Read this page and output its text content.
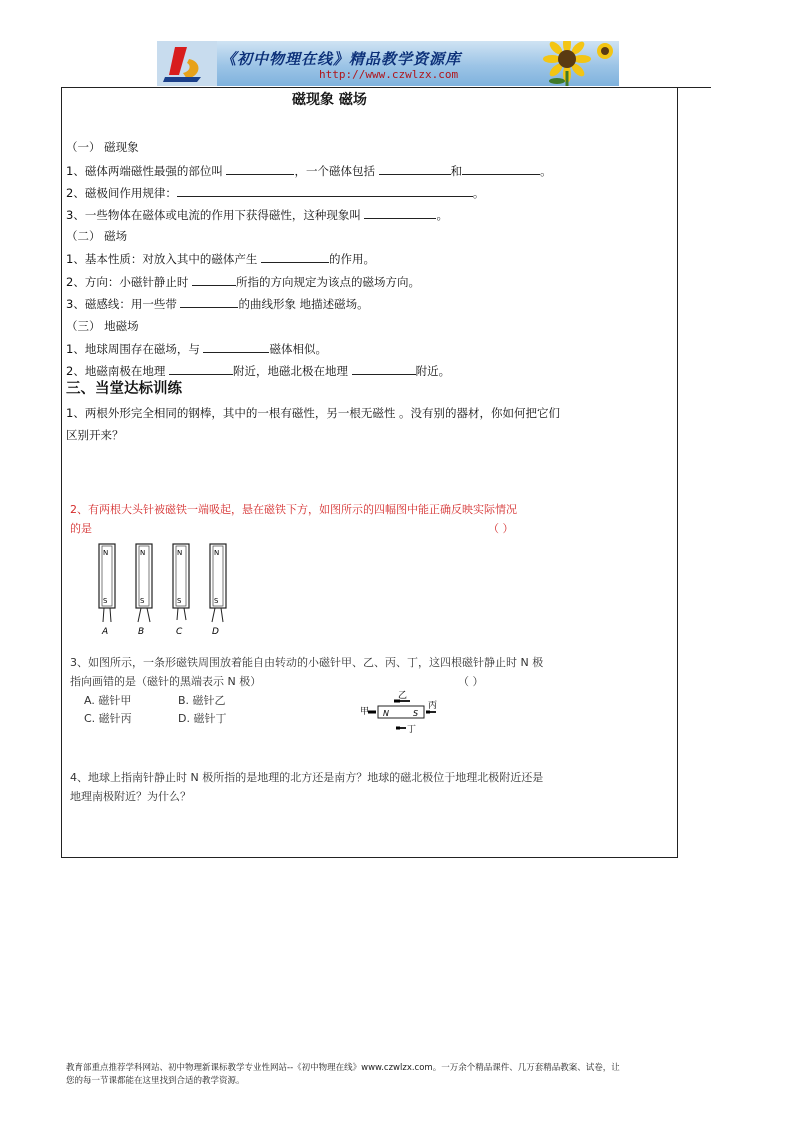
《初中物理在线》精品教学资源库
http://www.czwlzx.com
磁现象 磁场
（一） 磁现象
1、磁体两端磁性最强的部位叫	，一个磁体包括	和	。
2、磁极间作用规律：	。
3、一些物体在磁体或电流的作用下获得磁性，这种现象叫	。
（二） 磁场
1、基本性质：对放入其中的磁体产生	的作用。
2、方向：小磁针静止时	所指的方向规定为该点的磁场方向。
3、磁感线：用一些带	的曲线形象 地描述磁场。
（三） 地磁场
1、地球周围存在磁场，与	磁体相似。
2、地磁南极在地理	附近，地磁北极在地理	附近。
三、当堂达标训练
1、两根外形完全相同的钢棒，其中的一根有磁性，另一根无磁性 。没有别的器材，你如何把它们
区别开来？
2、有两根大头针被磁铁一端吸起，悬在磁铁下方，如图所示的四幅图中能正确反映实际情况
的是	（ ）
N
S
N
S
N
S
N
S
A	B	C	D
3、如图所示，一条形磁铁周围放着能自由转动的小磁针甲、乙、丙、丁，这四根磁针静止时 N 极
指向画错的是（磁针的黑端表示 N 极）	（ ）
A. 磁针甲	B. 磁针乙
C. 磁针丙	D. 磁针丁
乙
甲 N	S
丙
丁
4、地球上指南针静止时 N 极所指的是地理的北方还是南方？地球的磁北极位于地理北极附近还是
地理南极附近？为什么？
教育部重点推荐学科网站、初中物理新课标教学专业性网站--《初中物理在线》www.czwlzx.com。一万余个精品课件、几万套精品教案、试卷，让
您的每一节课都能在这里找到合适的教学资源。
